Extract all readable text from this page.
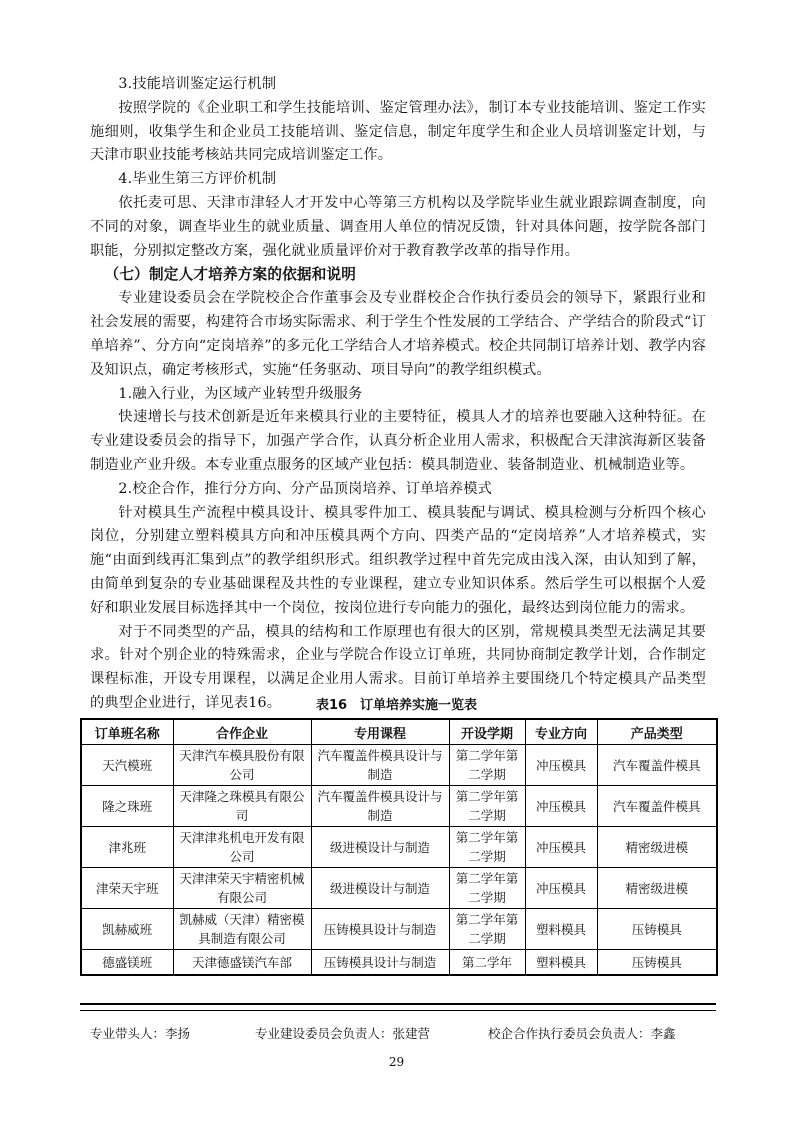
3.技能培训鉴定运行机制

按照学院的《企业职工和学生技能培训、鉴定管理办法》，制订本专业技能培训、鉴定工作实施细则，收集学生和企业员工技能培训、鉴定信息，制定年度学生和企业人员培训鉴定计划，与天津市职业技能考核站共同完成培训鉴定工作。

4.毕业生第三方评价机制

依托麦可思、天津市津轻人才开发中心等第三方机构以及学院毕业生就业跟踪调查制度，向不同的对象，调查毕业生的就业质量、调查用人单位的情况反馈，针对具体问题，按学院各部门职能，分别拟定整改方案，强化就业质量评价对于教育教学改革的指导作用。

（七）制定人才培养方案的依据和说明

专业建设委员会在学院校企合作董事会及专业群校企合作执行委员会的领导下，紧跟行业和社会发展的需要，构建符合市场实际需求、利于学生个性发展的工学结合、产学结合的阶段式“订单培养”、分方向“定岗培养”的多元化工学结合人才培养模式。校企共同制订培养计划、教学内容及知识点，确定考核形式，实施“任务驱动、项目导向”的教学组织模式。

1.融入行业，为区域产业转型升级服务

快速增长与技术创新是近年来模具行业的主要特征，模具人才的培养也要融入这种特征。在专业建设委员会的指导下，加强产学合作，认真分析企业用人需求，积极配合天津滨海新区装备制造业产业升级。本专业重点服务的区域产业包括：模具制造业、装备制造业、机械制造业等。

2.校企合作，推行分方向、分产品顶岗培养、订单培养模式

针对模具生产流程中模具设计、模具零件加工、模具装配与调试、模具检测与分析四个核心岗位，分别建立塑料模具方向和冲压模具两个方向、四类产品的“定岗培养”人才培养模式，实施“由面到线再汇集到点”的教学组织形式。组织教学过程中首先完成由浅入深，由认知到了解，由简单到复杂的专业基础课程及共性的专业课程，建立专业知识体系。然后学生可以根据个人爱好和职业发展目标选择其中一个岗位，按岗位进行专向能力的强化，最终达到岗位能力的需求。

对于不同类型的产品，模具的结构和工作原理也有很大的区别，常规模具类型无法满足其要求。针对个别企业的特殊需求，企业与学院合作设立订单班，共同协商制定教学计划，合作制定课程标准，开设专用课程，以满足企业用人需求。目前订单培养主要围绕几个特定模具产品类型的典型企业进行，详见表16。	表16　订单培养实施一览表
订单班名称	合作企业	专用课程	开设学期	专业方向	产品类型
天汽模班	天津汽车模具股份有限公司	汽车覆盖件模具设计与制造	第二学年第二学期	冲压模具	汽车覆盖件模具
隆之珠班	天津隆之珠模具有限公司	汽车覆盖件模具设计与制造	第二学年第二学期	冲压模具	汽车覆盖件模具
津兆班	天津津兆机电开发有限公司	级进模设计与制造	第二学年第二学期	冲压模具	精密级进模
津荣天宇班	天津津荣天宇精密机械有限公司	级进模设计与制造	第二学年第二学期	冲压模具	精密级进模
凯赫威班	凯赫威（天津）精密模具制造有限公司	压铸模具设计与制造	第二学年第二学期	塑料模具	压铸模具
德盛镁班	天津德盛镁汽车部	压铸模具设计与制造	第二学年	塑料模具	压铸模具
专业带头人：李扬	专业建设委员会负责人：张建营	校企合作执行委员会负责人：李鑫
29
